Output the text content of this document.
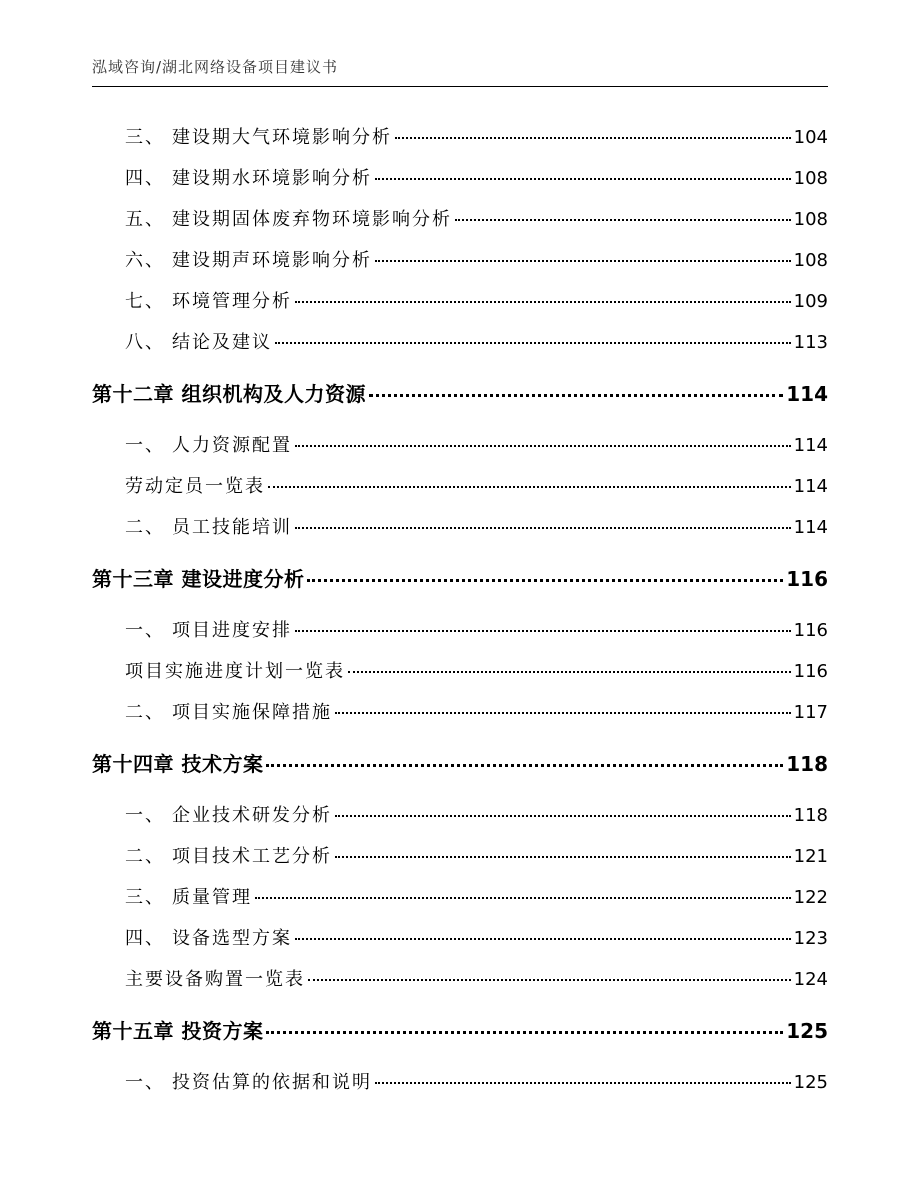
泓域咨询/湖北网络设备项目建议书
三、 建设期大气环境影响分析	104
四、 建设期水环境影响分析	108
五、 建设期固体废弃物环境影响分析	108
六、 建设期声环境影响分析	108
七、 环境管理分析	109
八、 结论及建议	113
第十二章 组织机构及人力资源	114
一、 人力资源配置	114
劳动定员一览表	114
二、 员工技能培训	114
第十三章 建设进度分析	116
一、 项目进度安排	116
项目实施进度计划一览表	116
二、 项目实施保障措施	117
第十四章 技术方案	118
一、 企业技术研发分析	118
二、 项目技术工艺分析	121
三、 质量管理	122
四、 设备选型方案	123
主要设备购置一览表	124
第十五章 投资方案	125
一、 投资估算的依据和说明	125
